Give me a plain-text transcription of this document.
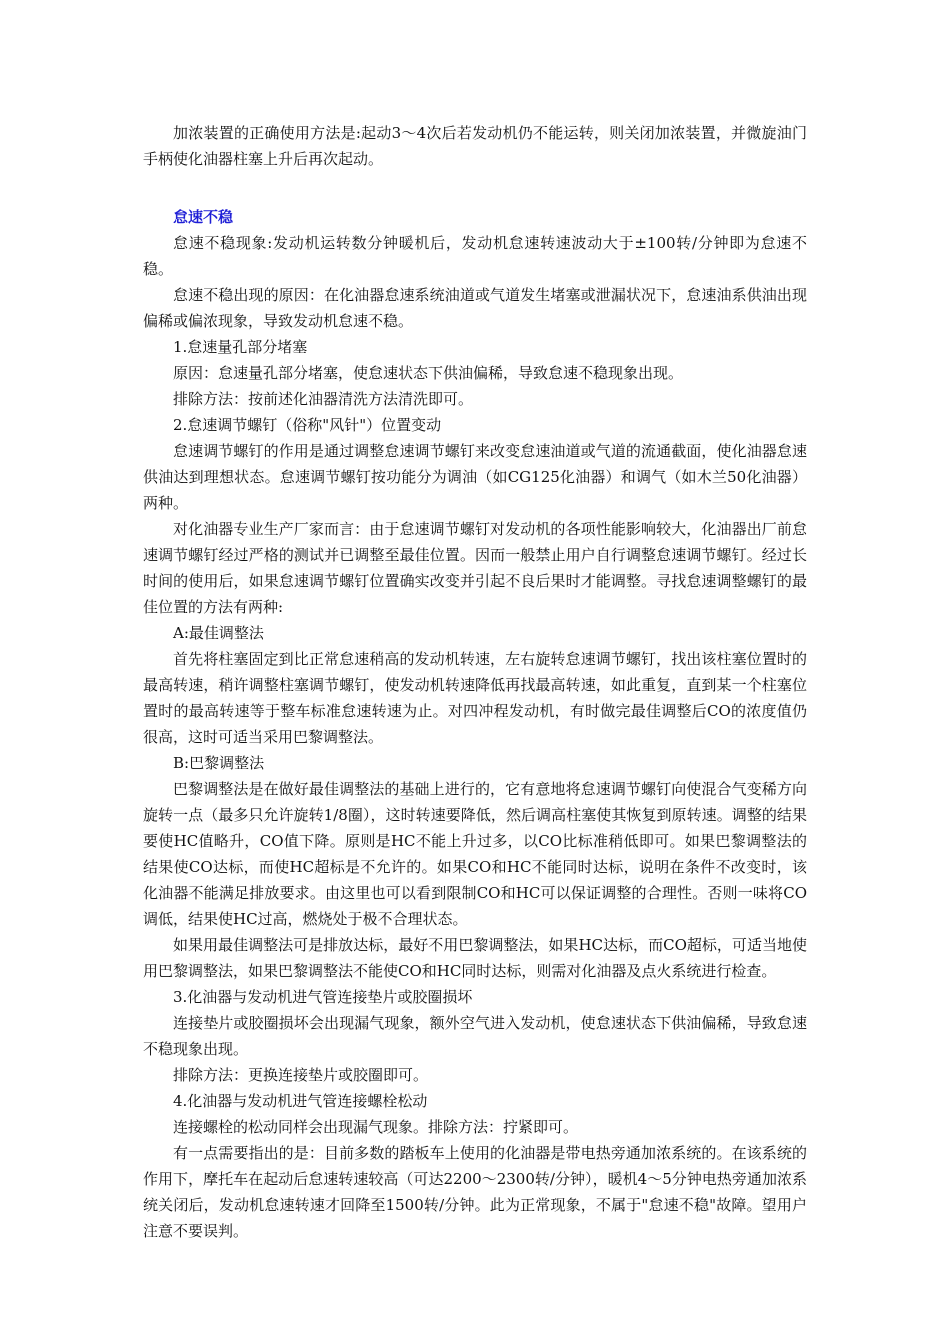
加浓装置的正确使用方法是:起动3～4次后若发动机仍不能运转，则关闭加浓装置，并微旋油门手柄使化油器柱塞上升后再次起动。

怠速不稳

怠速不稳现象:发动机运转数分钟暖机后，发动机怠速转速波动大于±100转/分钟即为怠速不稳。

怠速不稳出现的原因：在化油器怠速系统油道或气道发生堵塞或泄漏状况下，怠速油系供油出现偏稀或偏浓现象，导致发动机怠速不稳。

1.怠速量孔部分堵塞

原因：怠速量孔部分堵塞，使怠速状态下供油偏稀，导致怠速不稳现象出现。

排除方法：按前述化油器清洗方法清洗即可。

2.怠速调节螺钉（俗称"风针"）位置变动

怠速调节螺钉的作用是通过调整怠速调节螺钉来改变怠速油道或气道的流通截面，使化油器怠速供油达到理想状态。怠速调节螺钉按功能分为调油（如CG125化油器）和调气（如木兰50化油器）两种。

对化油器专业生产厂家而言：由于怠速调节螺钉对发动机的各项性能影响较大，化油器出厂前怠速调节螺钉经过严格的测试并已调整至最佳位置。因而一般禁止用户自行调整怠速调节螺钉。经过长时间的使用后，如果怠速调节螺钉位置确实改变并引起不良后果时才能调整。寻找怠速调整螺钉的最佳位置的方法有两种:

A:最佳调整法

首先将柱塞固定到比正常怠速稍高的发动机转速，左右旋转怠速调节螺钉，找出该柱塞位置时的最高转速，稍许调整柱塞调节螺钉，使发动机转速降低再找最高转速，如此重复，直到某一个柱塞位置时的最高转速等于整车标准怠速转速为止。对四冲程发动机，有时做完最佳调整后CO的浓度值仍很高，这时可适当采用巴黎调整法。

B:巴黎调整法

巴黎调整法是在做好最佳调整法的基础上进行的，它有意地将怠速调节螺钉向使混合气变稀方向旋转一点（最多只允许旋转1/8圈），这时转速要降低，然后调高柱塞使其恢复到原转速。调整的结果要使HC值略升，CO值下降。原则是HC不能上升过多，以CO比标准稍低即可。如果巴黎调整法的结果使CO达标，而使HC超标是不允许的。如果CO和HC不能同时达标，说明在条件不改变时，该化油器不能满足排放要求。由这里也可以看到限制CO和HC可以保证调整的合理性。否则一味将CO调低，结果使HC过高，燃烧处于极不合理状态。

如果用最佳调整法可是排放达标，最好不用巴黎调整法，如果HC达标，而CO超标，可适当地使用巴黎调整法，如果巴黎调整法不能使CO和HC同时达标，则需对化油器及点火系统进行检查。

3.化油器与发动机进气管连接垫片或胶圈损坏

连接垫片或胶圈损坏会出现漏气现象，额外空气进入发动机，使怠速状态下供油偏稀，导致怠速不稳现象出现。

排除方法：更换连接垫片或胶圈即可。

4.化油器与发动机进气管连接螺栓松动

连接螺栓的松动同样会出现漏气现象。排除方法：拧紧即可。

有一点需要指出的是：目前多数的踏板车上使用的化油器是带电热旁通加浓系统的。在该系统的作用下，摩托车在起动后怠速转速较高（可达2200～2300转/分钟），暖机4～5分钟电热旁通加浓系统关闭后，发动机怠速转速才回降至1500转/分钟。此为正常现象，不属于"怠速不稳"故障。望用户注意不要误判。
